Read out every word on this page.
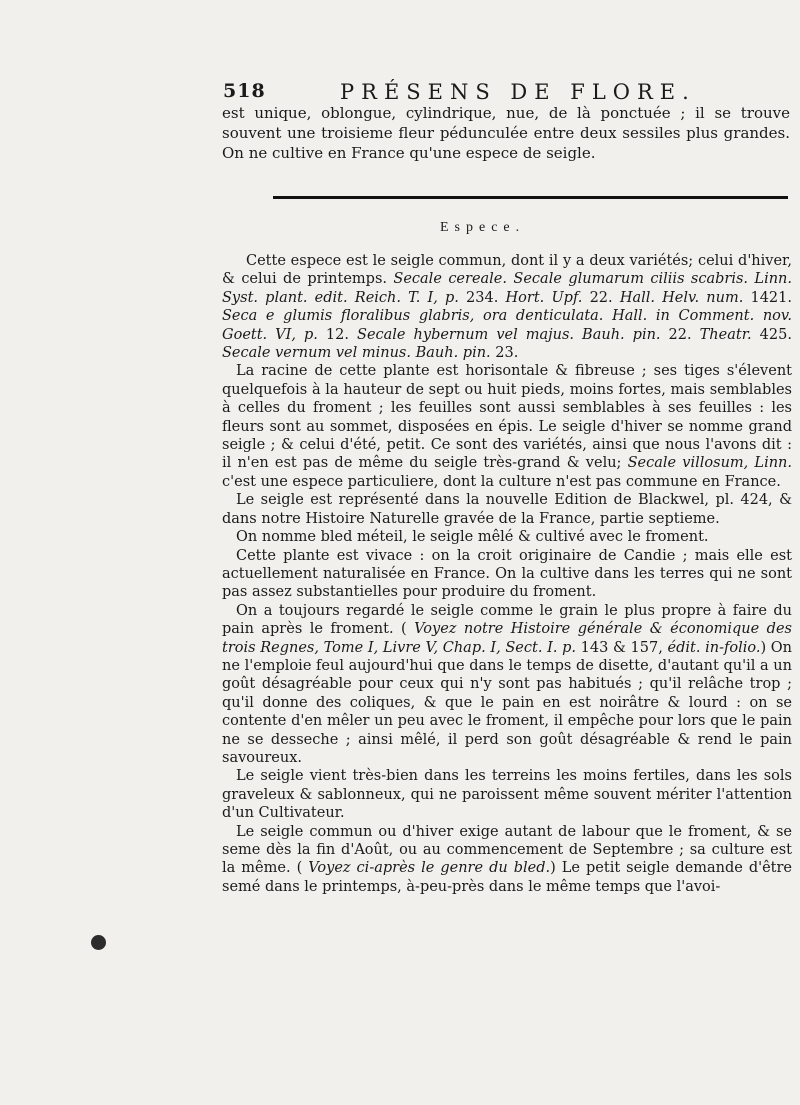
518	PRÉSENS DE FLORE.

est unique, oblongue, cylindrique, nue, de là ponctuée ; il se trouve souvent une troisieme fleur pédunculée entre deux sessiles plus grandes. On ne cultive en France qu'une espece de seigle.

Espece.

Cette espece est le seigle commun, dont il y a deux variétés; celui d'hiver, & celui de printemps. Secale cereale. Secale glumarum ciliis scabris. Linn. Syst. plant. edit. Reich. T. I, p. 234. Hort. Upf. 22. Hall. Helv. num. 1421. Seca e glumis floralibus glabris, ora denticulata. Hall. in Comment. nov. Goett. VI, p. 12. Secale hybernum vel majus. Bauh. pin. 22. Theatr. 425. Secale vernum vel minus. Bauh. pin. 23.

La racine de cette plante est horisontale & fibreuse ; ses tiges s'élevent quelquefois à la hauteur de sept ou huit pieds, moins fortes, mais semblables à celles du froment ; les feuilles sont aussi semblables à ses feuilles : les fleurs sont au sommet, disposées en épis. Le seigle d'hiver se nomme grand seigle ; & celui d'été, petit. Ce sont des variétés, ainsi que nous l'avons dit : il n'en est pas de même du seigle très-grand & velu; Secale villosum, Linn. c'est une espece particuliere, dont la culture n'est pas commune en France.

Le seigle est représenté dans la nouvelle Edition de Blackwel, pl. 424, & dans notre Histoire Naturelle gravée de la France, partie septieme.

On nomme bled méteil, le seigle mêlé & cultivé avec le froment.

Cette plante est vivace : on la croit originaire de Candie ; mais elle est actuellement naturalisée en France. On la cultive dans les terres qui ne sont pas assez substantielles pour produire du froment.

On a toujours regardé le seigle comme le grain le plus propre à faire du pain après le froment. ( Voyez notre Histoire générale & économique des trois Regnes, Tome I, Livre V, Chap. I, Sect. I. p. 143 & 157, édit. in-folio.) On ne l'emploie feul aujourd'hui que dans le temps de disette, d'autant qu'il a un goût désagréable pour ceux qui n'y sont pas habitués ; qu'il relâche trop ; qu'il donne des coliques, & que le pain en est noirâtre & lourd : on se contente d'en mêler un peu avec le froment, il empêche pour lors que le pain ne se desseche ; ainsi mêlé, il perd son goût désagréable & rend le pain savoureux.

Le seigle vient très-bien dans les terreins les moins fertiles, dans les sols graveleux & sablonneux, qui ne paroissent même souvent mériter l'attention d'un Cultivateur.

Le seigle commun ou d'hiver exige autant de labour que le froment, & se seme dès la fin d'Août, ou au commencement de Septembre ; sa culture est la même. ( Voyez ci-après le genre du bled.) Le petit seigle demande d'être semé dans le printemps, à-peu-près dans le même temps que l'avoi-
